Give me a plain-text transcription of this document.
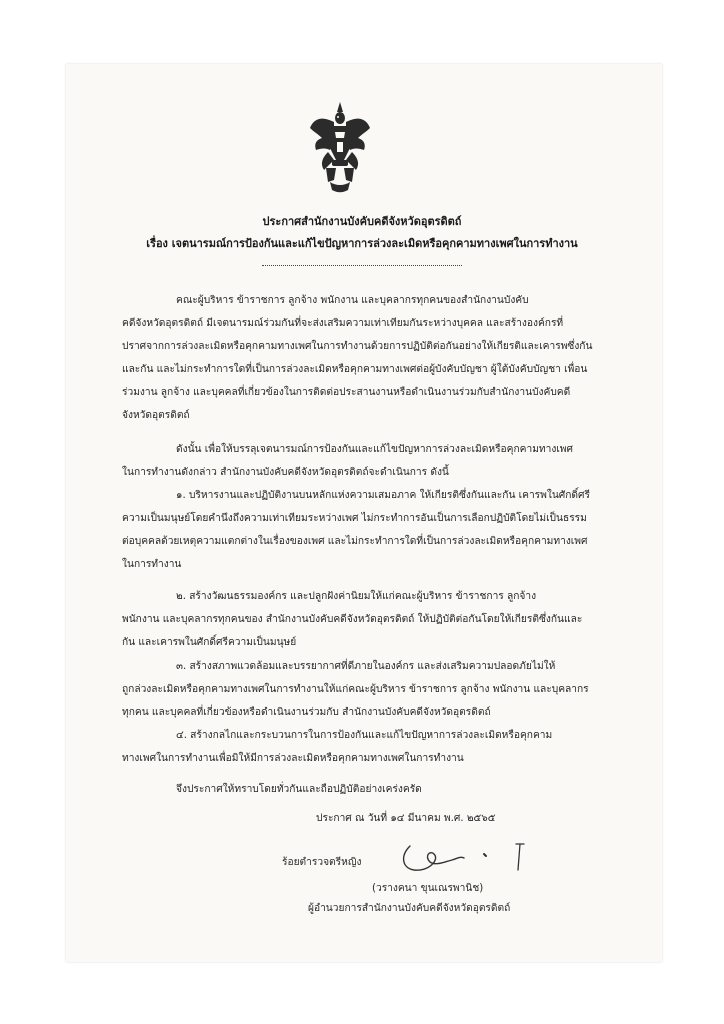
ประกาศสำนักงานบังคับคดีจังหวัดอุตรดิตถ์
เรื่อง เจตนารมณ์การป้องกันและแก้ไขปัญหาการล่วงละเมิดหรือคุกคามทางเพศในการทำงาน
คณะผู้บริหาร ข้าราชการ ลูกจ้าง พนักงาน และบุคลากรทุกคนของสำนักงานบังคับ
คดีจังหวัดอุตรดิตถ์ มีเจตนารมณ์ร่วมกันที่จะส่งเสริมความเท่าเทียมกันระหว่างบุคคล และสร้างองค์กรที่
ปราศจากการล่วงละเมิดหรือคุกคามทางเพศในการทำงานด้วยการปฏิบัติต่อกันอย่างให้เกียรติและเคารพซึ่งกัน
และกัน และไม่กระทำการใดที่เป็นการล่วงละเมิดหรือคุกคามทางเพศต่อผู้บังคับบัญชา ผู้ใต้บังคับบัญชา เพื่อน
ร่วมงาน ลูกจ้าง และบุคคลที่เกี่ยวข้องในการติดต่อประสานงานหรือดำเนินงานร่วมกับสำนักงานบังคับคดี
จังหวัดอุตรดิตถ์
ดังนั้น เพื่อให้บรรลุเจตนารมณ์การป้องกันและแก้ไขปัญหาการล่วงละเมิดหรือคุกคามทางเพศ
ในการทำงานดังกล่าว สำนักงานบังคับคดีจังหวัดอุตรดิตถ์จะดำเนินการ ดังนี้
๑. บริหารงานและปฏิบัติงานบนหลักแห่งความเสมอภาค ให้เกียรติซึ่งกันและกัน เคารพในศักดิ์ศรี
ความเป็นมนุษย์โดยคำนึงถึงความเท่าเทียมระหว่างเพศ ไม่กระทำการอันเป็นการเลือกปฏิบัติโดยไม่เป็นธรรม
ต่อบุคคลด้วยเหตุความแตกต่างในเรื่องของเพศ และไม่กระทำการใดที่เป็นการล่วงละเมิดหรือคุกคามทางเพศ
ในการทำงาน
๒. สร้างวัฒนธรรมองค์กร และปลูกฝังค่านิยมให้แก่คณะผู้บริหาร ข้าราชการ ลูกจ้าง
พนักงาน และบุคลากรทุกคนของ สำนักงานบังคับคดีจังหวัดอุตรดิตถ์ ให้ปฏิบัติต่อกันโดยให้เกียรติซึ่งกันและ
กัน และเคารพในศักดิ์ศรีความเป็นมนุษย์
๓. สร้างสภาพแวดล้อมและบรรยากาศที่ดีภายในองค์กร และส่งเสริมความปลอดภัยไม่ให้
ถูกล่วงละเมิดหรือคุกคามทางเพศในการทำงานให้แก่คณะผู้บริหาร ข้าราชการ ลูกจ้าง พนักงาน และบุคลากร
ทุกคน และบุคคลที่เกี่ยวข้องหรือดำเนินงานร่วมกับ สำนักงานบังคับคดีจังหวัดอุตรดิตถ์
๔. สร้างกลไกและกระบวนการในการป้องกันและแก้ไขปัญหาการล่วงละเมิดหรือคุกคาม
ทางเพศในการทำงานเพื่อมิให้มีการล่วงละเมิดหรือคุกคามทางเพศในการทำงาน
จึงประกาศให้ทราบโดยทั่วกันและถือปฏิบัติอย่างเคร่งครัด
ประกาศ ณ วันที่ ๑๔ มีนาคม พ.ศ. ๒๕๖๕
ร้อยตำรวจตรีหญิง
(วรางคนา ขุนเณรพานิช)
ผู้อำนวยการสำนักงานบังคับคดีจังหวัดอุตรดิตถ์
